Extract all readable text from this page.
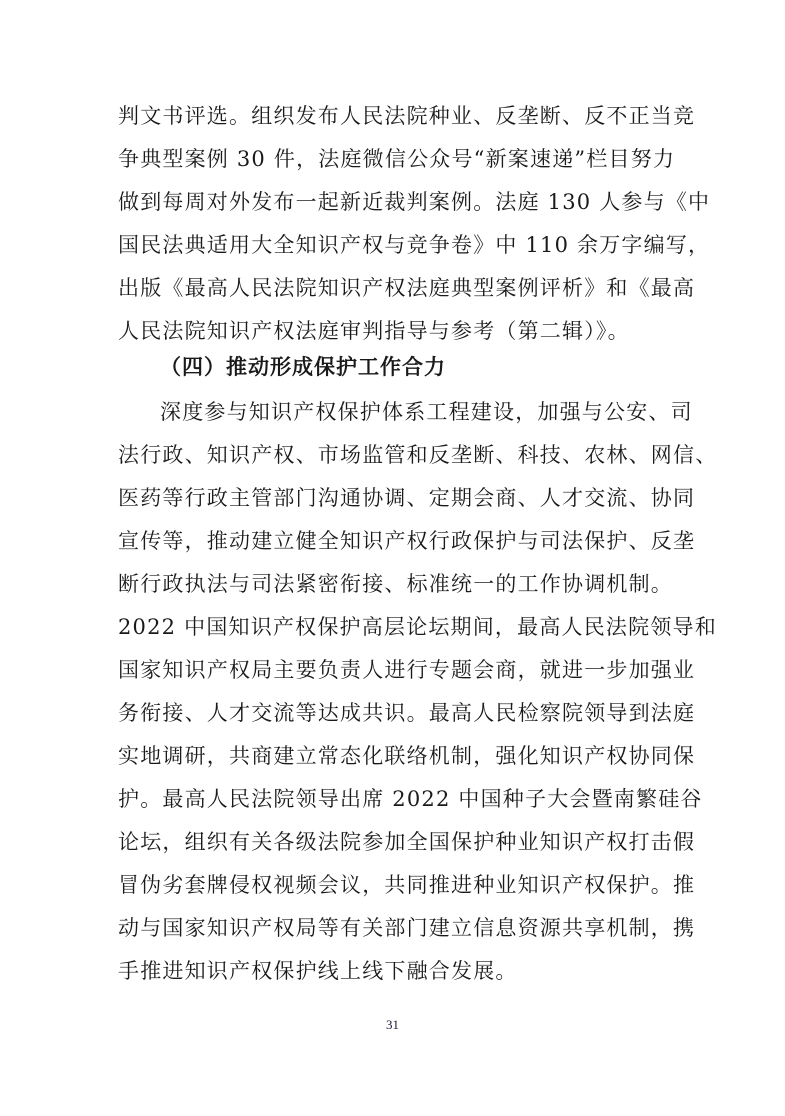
判文书评选。组织发布人民法院种业、反垄断、反不正当竞
争典型案例 30 件，法庭微信公众号“新案速递”栏目努力
做到每周对外发布一起新近裁判案例。法庭 130 人参与《中
国民法典适用大全知识产权与竞争卷》中 110 余万字编写，
出版《最高人民法院知识产权法庭典型案例评析》和《最高
人民法院知识产权法庭审判指导与参考（第二辑）》。
（四）推动形成保护工作合力
深度参与知识产权保护体系工程建设，加强与公安、司
法行政、知识产权、市场监管和反垄断、科技、农林、网信、
医药等行政主管部门沟通协调、定期会商、人才交流、协同
宣传等，推动建立健全知识产权行政保护与司法保护、反垄
断行政执法与司法紧密衔接、标准统一的工作协调机制。
2022 中国知识产权保护高层论坛期间，最高人民法院领导和
国家知识产权局主要负责人进行专题会商，就进一步加强业
务衔接、人才交流等达成共识。最高人民检察院领导到法庭
实地调研，共商建立常态化联络机制，强化知识产权协同保
护。最高人民法院领导出席 2022 中国种子大会暨南繁硅谷
论坛，组织有关各级法院参加全国保护种业知识产权打击假
冒伪劣套牌侵权视频会议，共同推进种业知识产权保护。推
动与国家知识产权局等有关部门建立信息资源共享机制，携
手推进知识产权保护线上线下融合发展。
31
